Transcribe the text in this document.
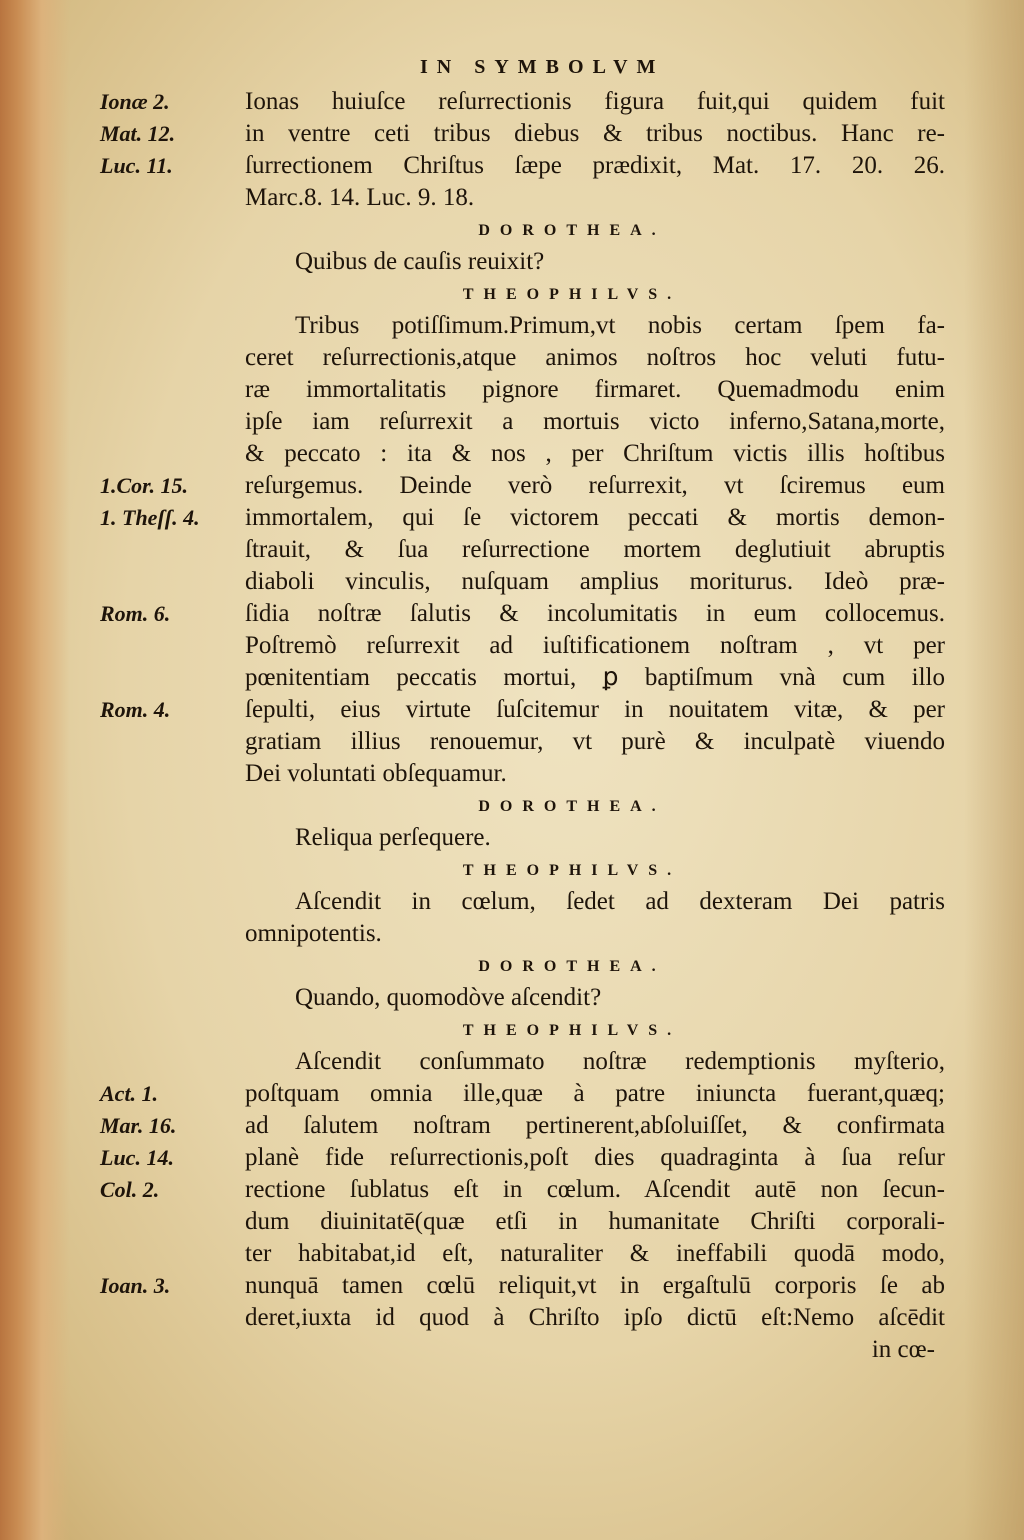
IN SYMBOLVM
Ionæ 2.	Ionas huiuſce reſurrectionis figura fuit,qui quidem fuit
Mat. 12.	in ventre ceti tribus diebus & tribus noctibus. Hanc re-
Luc. 11.	ſurrectionem Chriſtus ſæpe prædixit, Mat. 17. 20. 26.
Marc.8. 14. Luc. 9. 18.
DOROTHEA.
Quibus de cauſis reuixit?
THEOPHILVS.
Tribus potiſſimum.Primum,vt nobis certam ſpem fa-
ceret reſurrectionis,atque animos noſtros hoc veluti futu-
ræ immortalitatis pignore firmaret. Quemadmodu enim
ipſe iam reſurrexit a mortuis victo inferno,Satana,morte,
& peccato : ita & nos , per Chriſtum victis illis hoſtibus
1.Cor. 15.	reſurgemus. Deinde verò reſurrexit, vt ſciremus eum
1. Theſſ. 4.	immortalem, qui ſe victorem peccati & mortis demon-
ſtrauit, & ſua reſurrectione mortem deglutiuit abruptis
diaboli vinculis, nuſquam amplius moriturus. Ideò præ-
Rom. 6.	ſidia noſtræ ſalutis & incolumitatis in eum collocemus.
Poſtremò reſurrexit ad iuſtificationem noſtram , vt per
pœnitentiam peccatis mortui, ꝑ baptiſmum vnà cum illo
Rom. 4.	ſepulti, eius virtute ſuſcitemur in nouitatem vitæ, & per
gratiam illius renouemur, vt purè & inculpatè viuendo
Dei voluntati obſequamur.
DOROTHEA.
Reliqua perſequere.
THEOPHILVS.
Aſcendit in cœlum, ſedet ad dexteram Dei patris
omnipotentis.
DOROTHEA.
Quando, quomodòve aſcendit?
THEOPHILVS.
Aſcendit conſummato noſtræ redemptionis myſterio,
Act. 1.	poſtquam omnia ille,quæ à patre iniuncta fuerant,quæq;
Mar. 16.	ad ſalutem noſtram pertinerent,abſoluiſſet, & confirmata
Luc. 14.	planè fide reſurrectionis,poſt dies quadraginta à ſua reſur
Col. 2.	rectione ſublatus eſt in cœlum. Aſcendit autē non ſecun-
dum diuinitatē(quæ etſi in humanitate Chriſti corporali-
ter habitabat,id eſt, naturaliter & ineffabili quodā modo,
Ioan. 3.	nunquā tamen cœlū reliquit,vt in ergaſtulū corporis ſe ab
deret,iuxta id quod à Chriſto ipſo dictū eſt:Nemo aſcēdit
in cœ-
